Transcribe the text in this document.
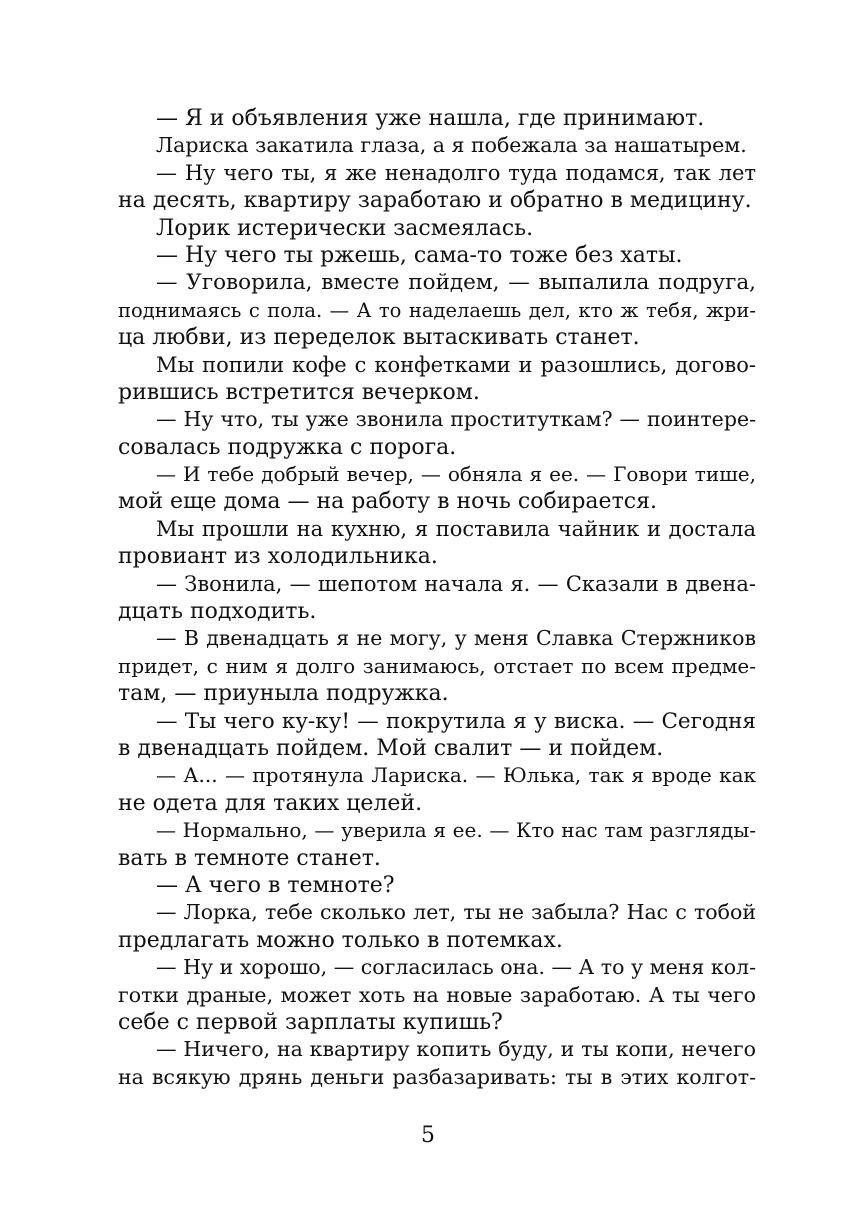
— Я и объявления уже нашла, где принимают.
Лариска закатила глаза, а я побежала за нашатырем.
— Ну чего ты, я же ненадолго туда подамся, так лет
на десять, квартиру заработаю и обратно в медицину.
Лорик истерически засмеялась.
— Ну чего ты ржешь, сама-то тоже без хаты.
— Уговорила, вместе пойдем, — выпалила подруга,
поднимаясь с пола. — А то наделаешь дел, кто ж тебя, жри-
ца любви, из переделок вытаскивать станет.
Мы попили кофе с конфетками и разошлись, догово-
рившись встретится вечерком.
— Ну что, ты уже звонила проституткам? — поинтере-
совалась подружка с порога.
— И тебе добрый вечер, — обняла я ее. — Говори тише,
мой еще дома — на работу в ночь собирается.
Мы прошли на кухню, я поставила чайник и достала
провиант из холодильника.
— Звонила, — шепотом начала я. — Сказали в двена-
дцать подходить.
— В двенадцать я не могу, у меня Славка Стержников
придет, с ним я долго занимаюсь, отстает по всем предме-
там, — приуныла подружка.
— Ты чего ку-ку! — покрутила я у виска. — Сегодня
в двенадцать пойдем. Мой свалит — и пойдем.
— А... — протянула Лариска. — Юлька, так я вроде как
не одета для таких целей.
— Нормально, — уверила я ее. — Кто нас там разгляды-
вать в темноте станет.
— А чего в темноте?
— Лорка, тебе сколько лет, ты не забыла? Нас с тобой
предлагать можно только в потемках.
— Ну и хорошо, — согласилась она. — А то у меня кол-
готки драные, может хоть на новые заработаю. А ты чего
себе с первой зарплаты купишь?
— Ничего, на квартиру копить буду, и ты копи, нечего
на всякую дрянь деньги разбазаривать: ты в этих колгот-
5
